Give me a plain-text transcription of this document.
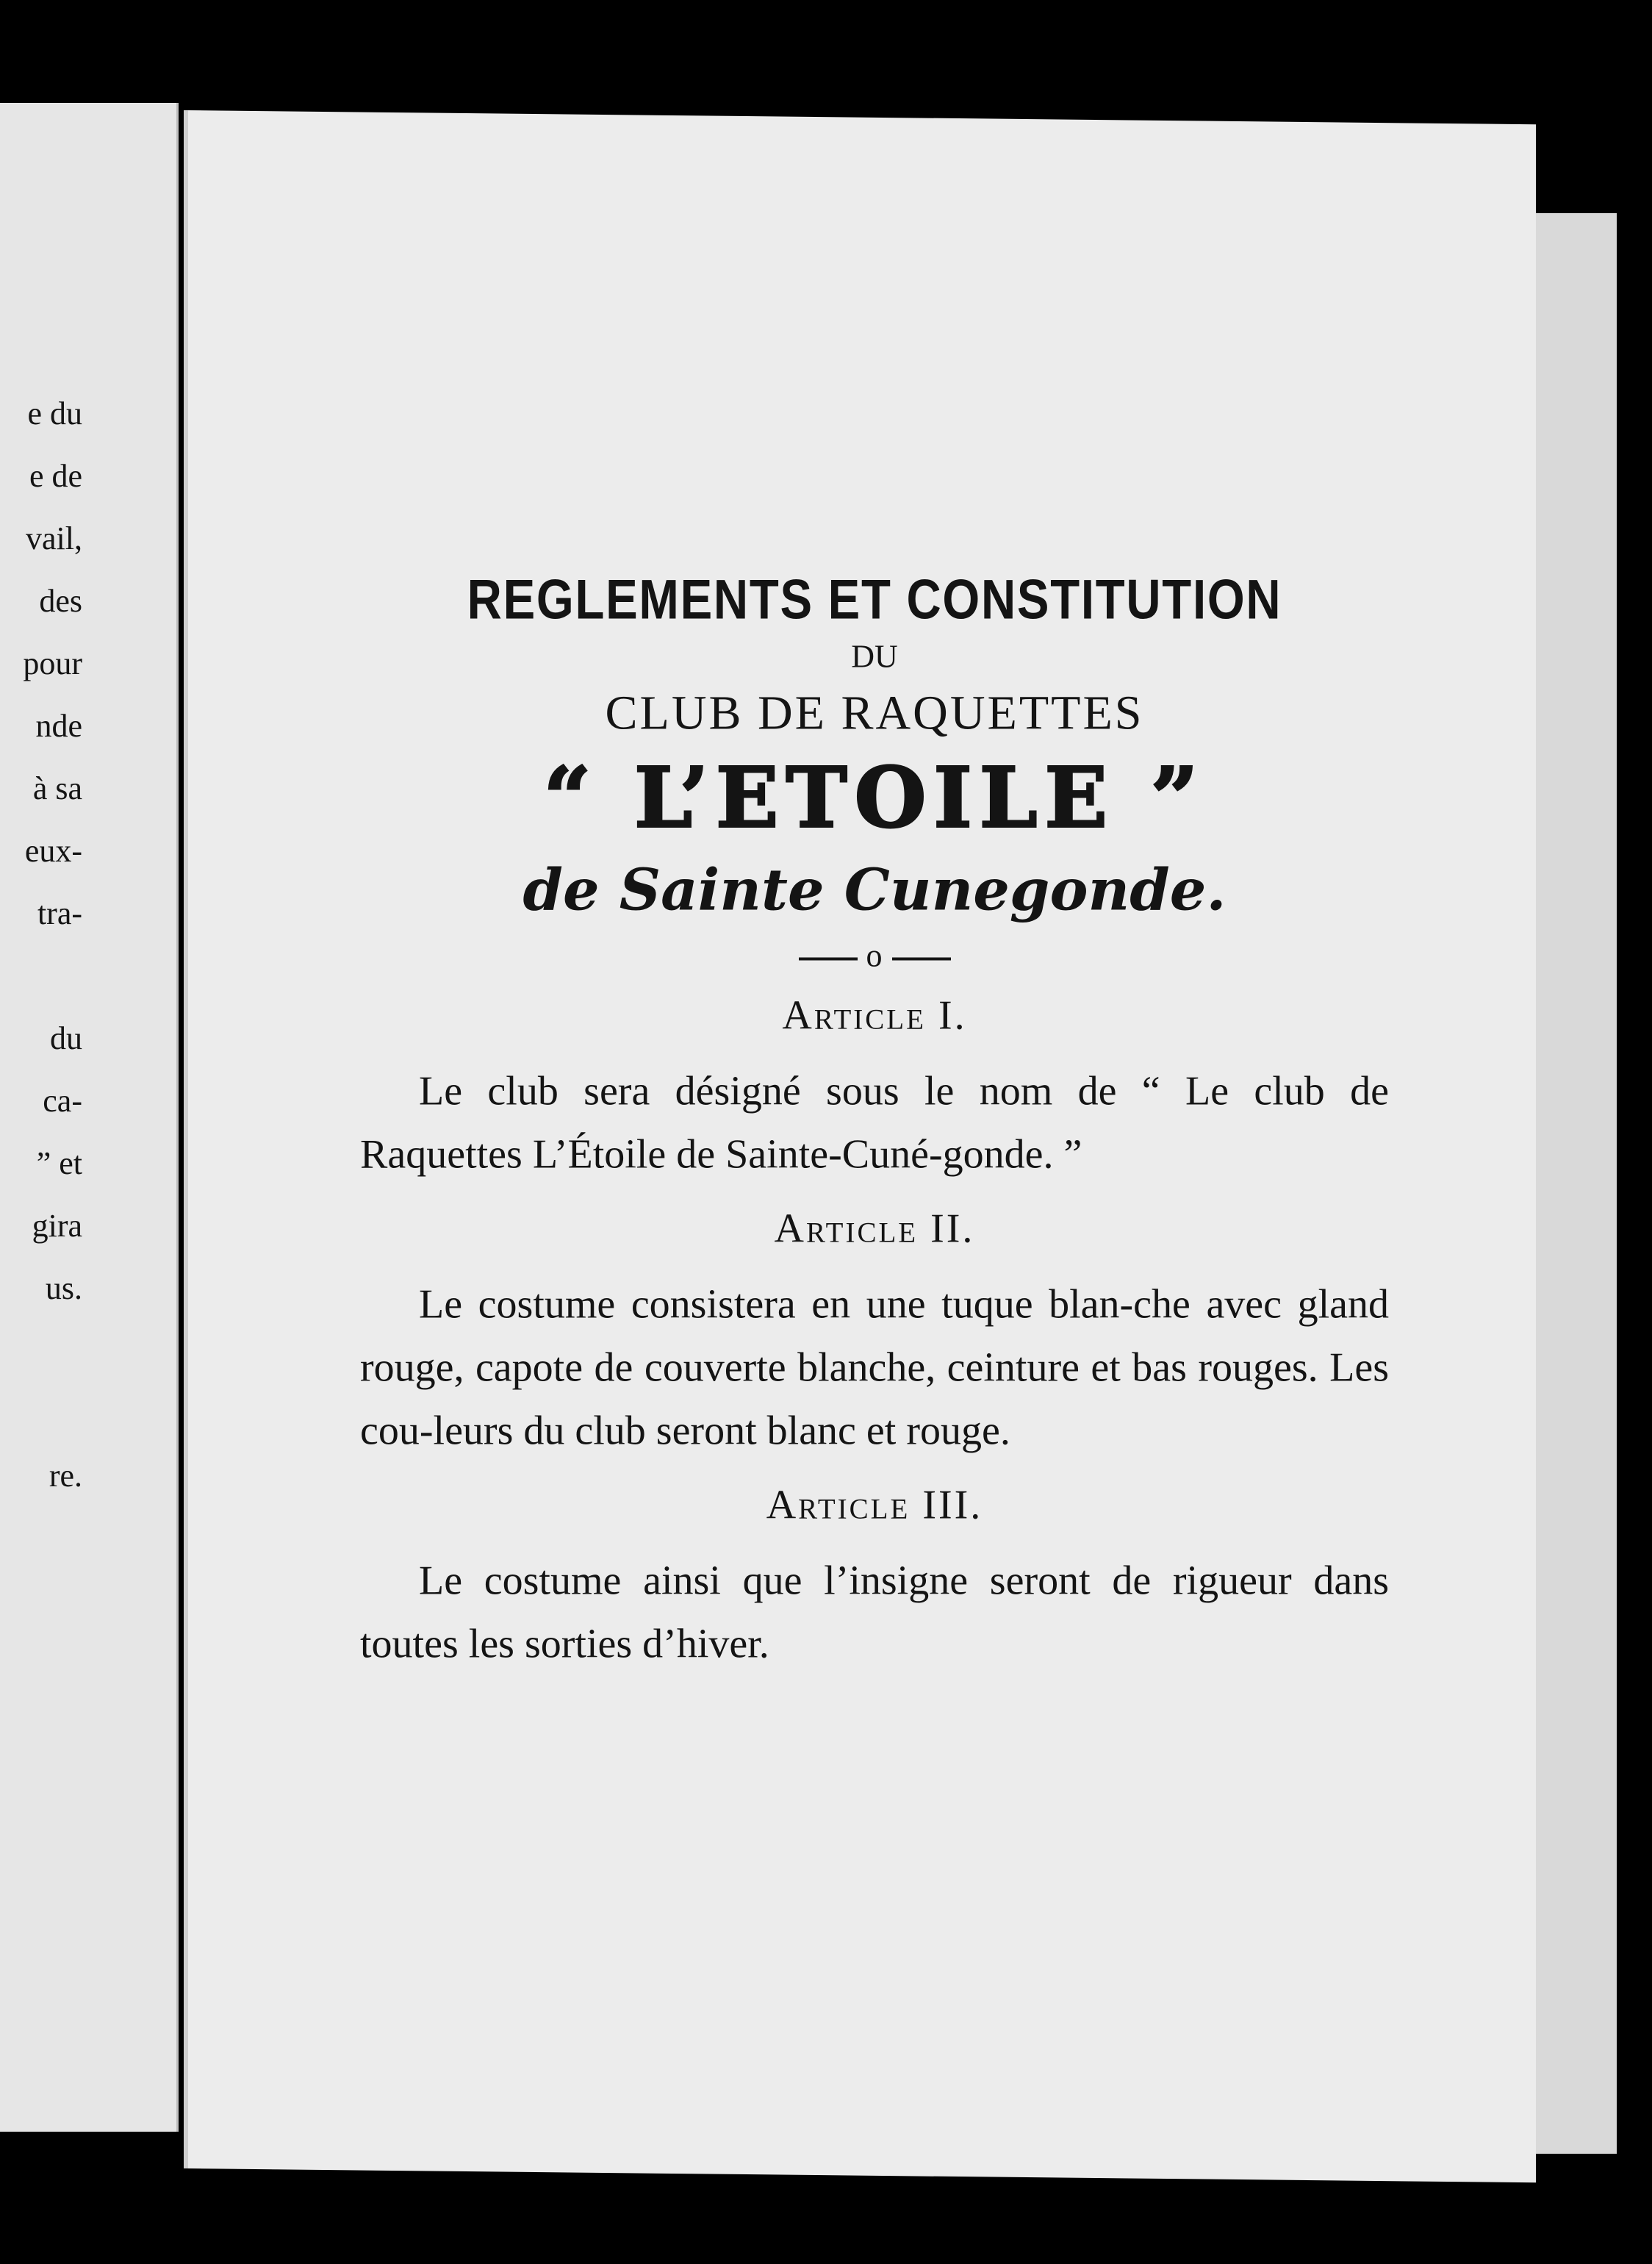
e du
e de
vail,
des
pour
nde
à sa
eux-
tra-

du
ca-
” et
gira
us.

re.
REGLEMENTS ET CONSTITUTION
DU
CLUB DE RAQUETTES
“ L’ETOILE ”
de Sainte Cunegonde.
o
Article I.
Le club sera désigné sous le nom de “ Le club de Raquettes L’Étoile de Sainte-Cuné-gonde. ”
Article II.
Le costume consistera en une tuque blan-che avec gland rouge, capote de couverte blanche, ceinture et bas rouges. Les cou-leurs du club seront blanc et rouge.
Article III.
Le costume ainsi que l’insigne seront de rigueur dans toutes les sorties d’hiver.
